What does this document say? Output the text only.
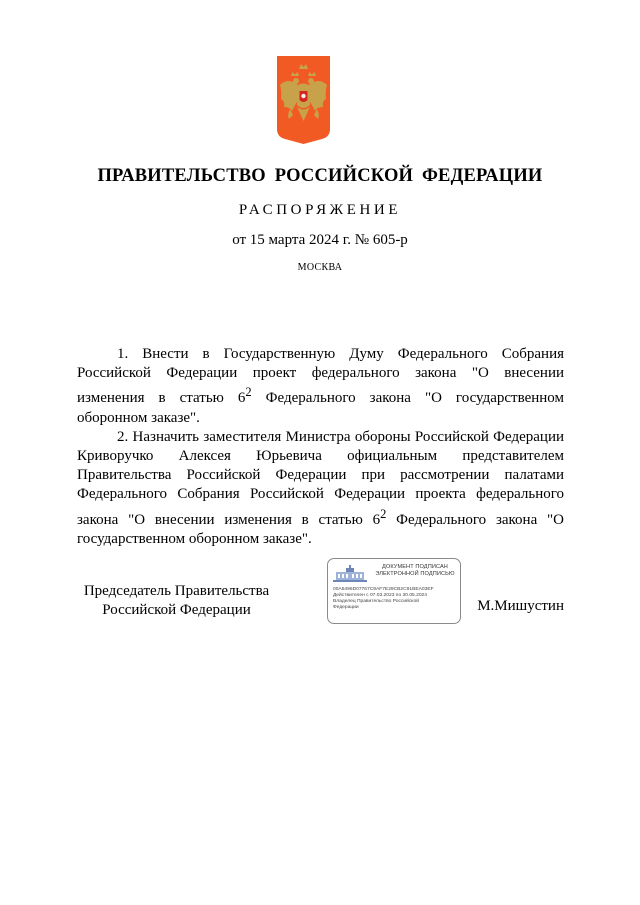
ПРАВИТЕЛЬСТВО РОССИЙСКОЙ ФЕДЕРАЦИИ
РАСПОРЯЖЕНИЕ
от 15 марта 2024 г. № 605-р
МОСКВА

1. Внести в Государственную Думу Федерального Собрания Российской Федерации проект федерального закона "О внесении изменения в статью $6^2$ Федерального закона "О государственном оборонном заказе".

2. Назначить заместителя Министра обороны Российской Федерации Криворучко Алексея Юрьевича официальным представителем Правительства Российской Федерации при рассмотрении палатами Федерального Собрания Российской Федерации проекта федерального закона "О внесении изменения в статью $6^2$ Федерального закона "О государственном оборонном заказе".

Председатель Правительства
Российской Федерации
ДОКУМЕНТ ПОДПИСАН
ЭЛЕКТРОННОЙ ПОДПИСЬЮ
00A5496D07767C9AF7E29CB2C91BEA03EF
Действителен с 07.03.2023 по 30.05.2024
Владелец Правительство Российской
Федерации	М.Мишустин
